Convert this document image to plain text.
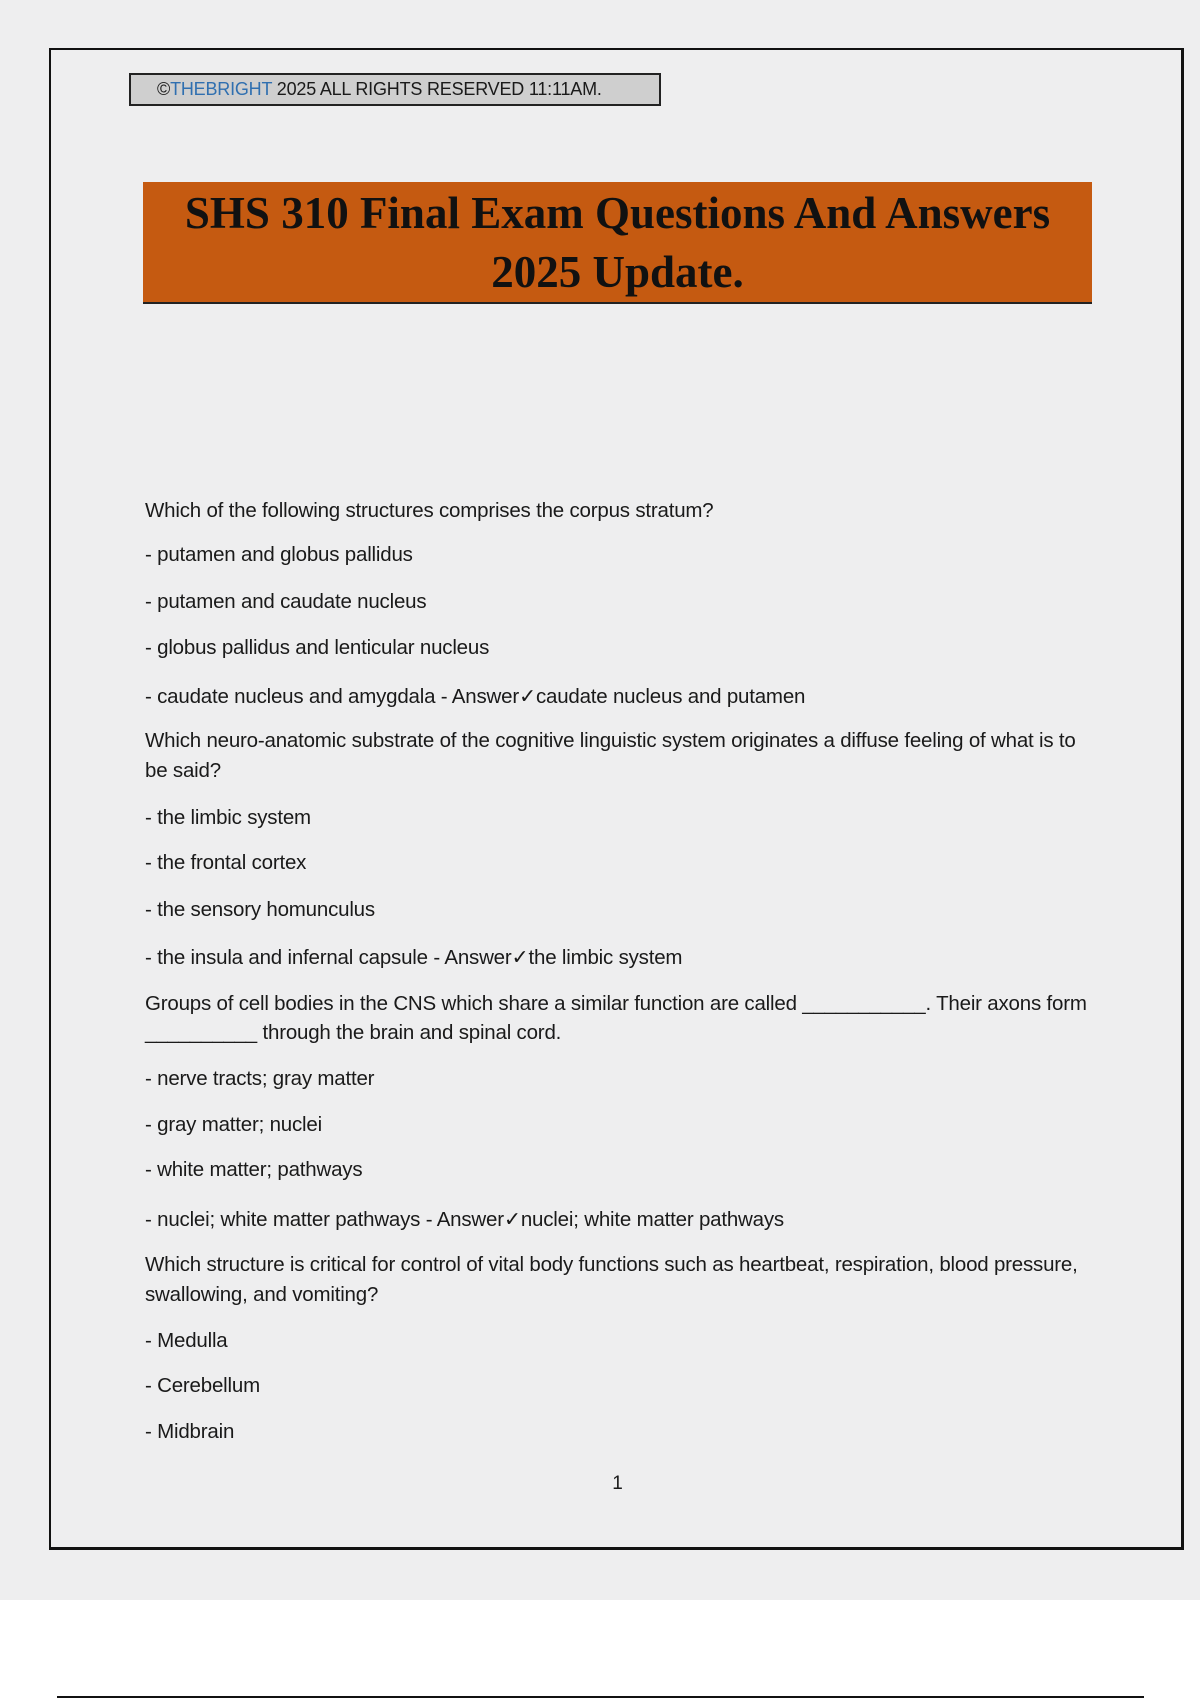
©THEBRIGHT 2025 ALL RIGHTS RESERVED 11:11AM.
SHS 310 Final Exam Questions And Answers
2025 Update.
Which of the following structures comprises the corpus stratum?
- putamen and globus pallidus
- putamen and caudate nucleus
- globus pallidus and lenticular nucleus
- caudate nucleus and amygdala - Answer✓caudate nucleus and putamen
Which neuro-anatomic substrate of the cognitive linguistic system originates a diffuse feeling of what is to be said?
- the limbic system
- the frontal cortex
- the sensory homunculus
- the insula and infernal capsule - Answer✓the limbic system
Groups of cell bodies in the CNS which share a similar function are called ___________. Their axons form __________ through the brain and spinal cord.
- nerve tracts; gray matter
- gray matter; nuclei
- white matter; pathways
- nuclei; white matter pathways - Answer✓nuclei; white matter pathways
Which structure is critical for control of vital body functions such as heartbeat, respiration, blood pressure, swallowing, and vomiting?
- Medulla
- Cerebellum
- Midbrain
1
